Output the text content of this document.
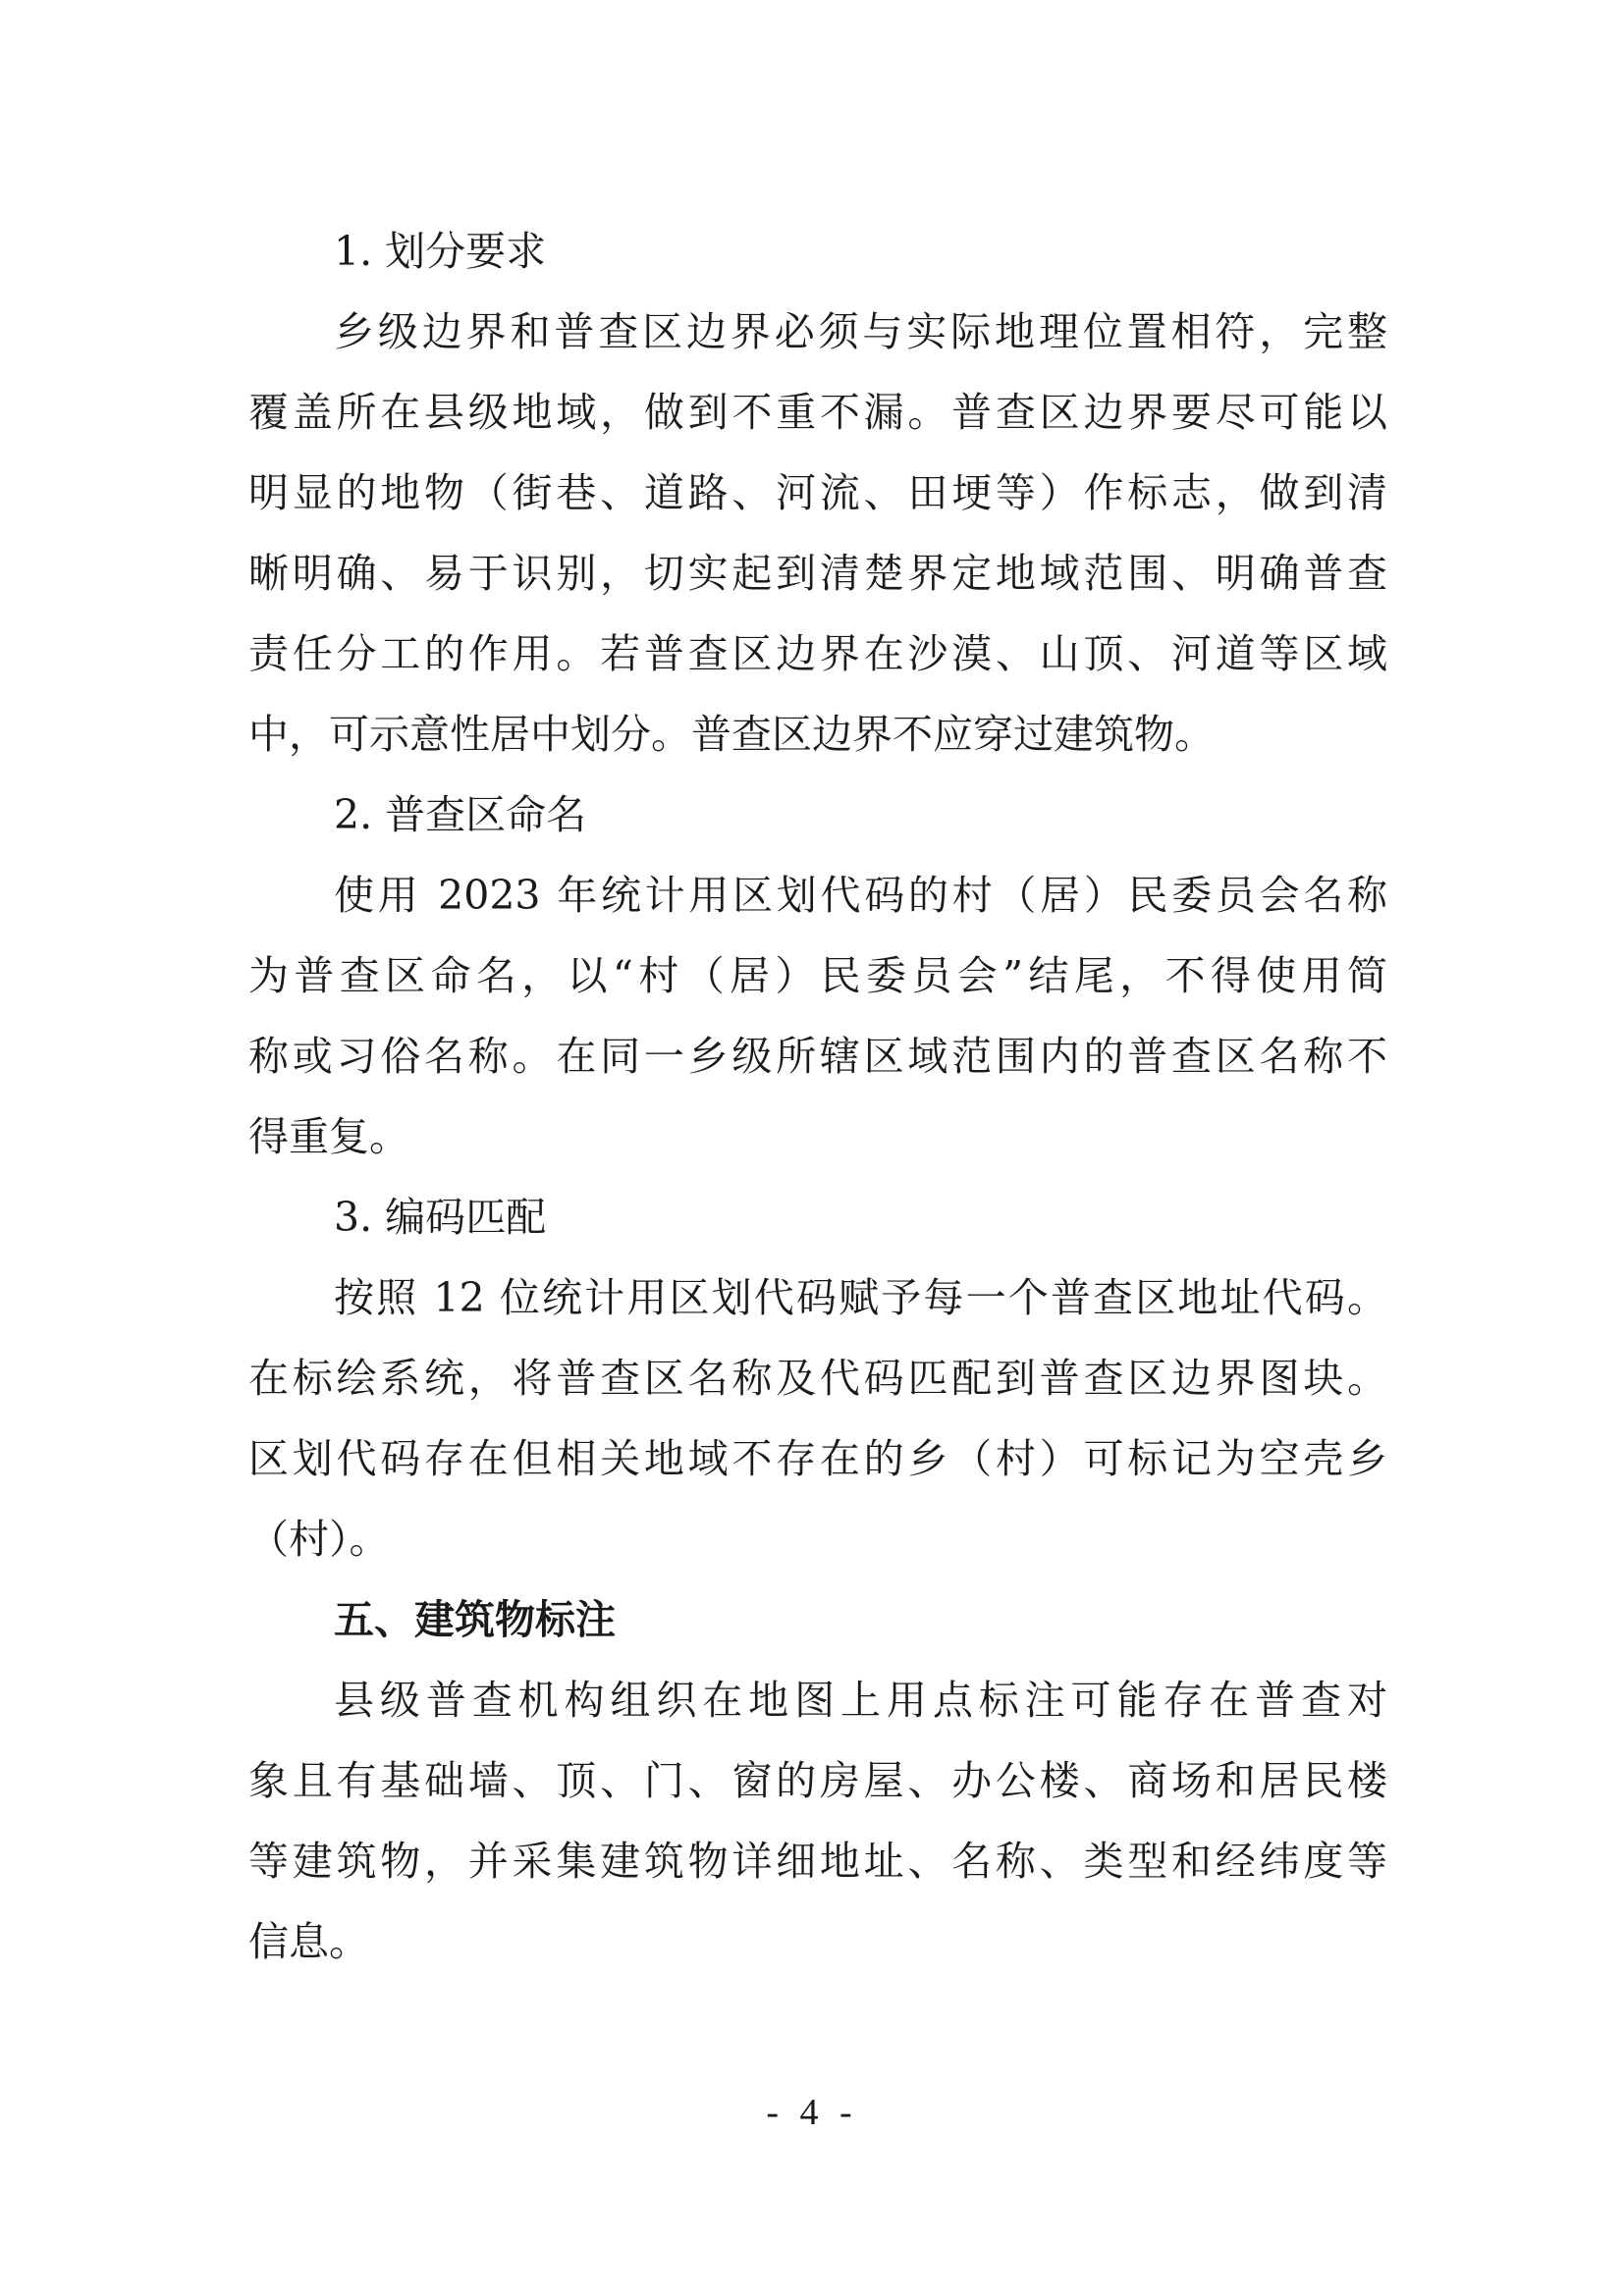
1. 划分要求
乡级边界和普查区边界必须与实际地理位置相符，完整
覆盖所在县级地域，做到不重不漏。普查区边界要尽可能以
明显的地物（街巷、道路、河流、田埂等）作标志，做到清
晰明确、易于识别，切实起到清楚界定地域范围、明确普查
责任分工的作用。若普查区边界在沙漠、山顶、河道等区域
中，可示意性居中划分。普查区边界不应穿过建筑物。
2. 普查区命名
使用 2023 年统计用区划代码的村（居）民委员会名称
为普查区命名，以“村（居）民委员会”结尾，不得使用简
称或习俗名称。在同一乡级所辖区域范围内的普查区名称不
得重复。
3. 编码匹配
按照 12 位统计用区划代码赋予每一个普查区地址代码。
在标绘系统，将普查区名称及代码匹配到普查区边界图块。
区划代码存在但相关地域不存在的乡（村）可标记为空壳乡
（村）。
五、建筑物标注
县级普查机构组织在地图上用点标注可能存在普查对
象且有基础墙、顶、门、窗的房屋、办公楼、商场和居民楼
等建筑物，并采集建筑物详细地址、名称、类型和经纬度等
信息。
- 4 -
